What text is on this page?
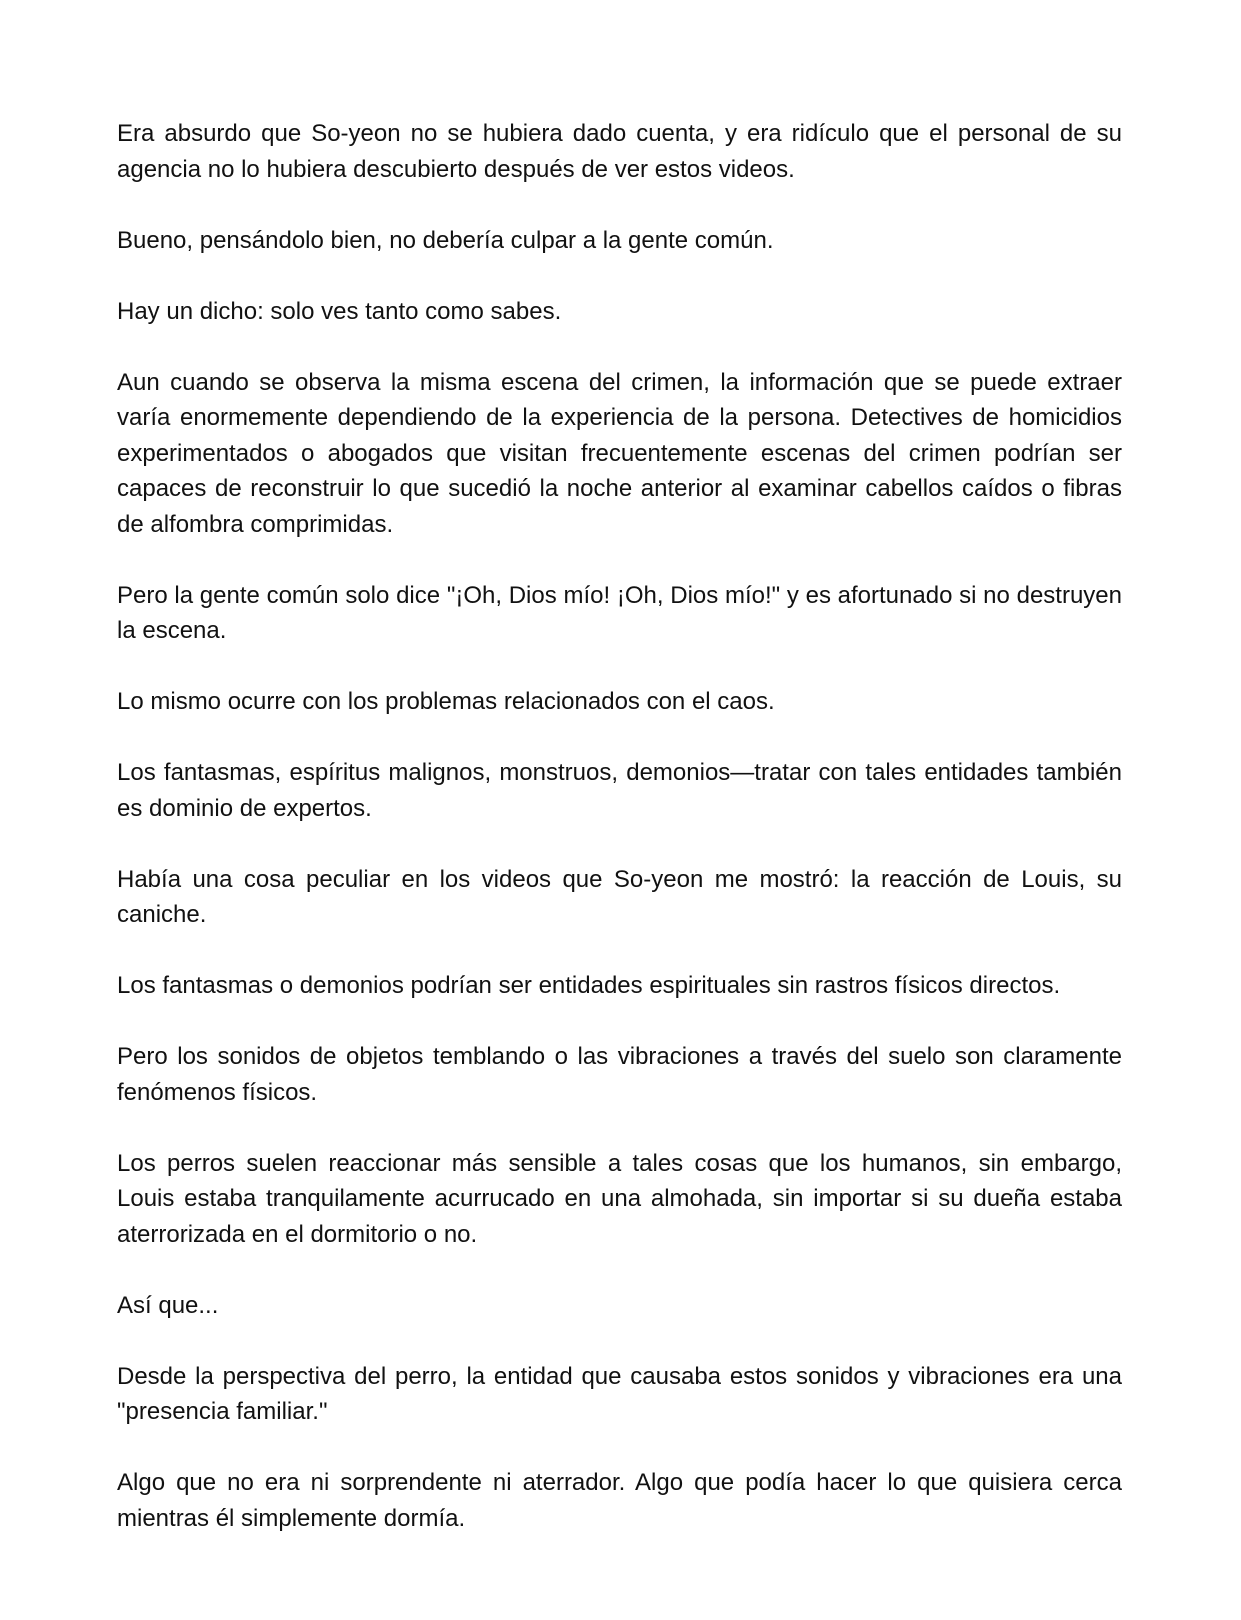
Era absurdo que So-yeon no se hubiera dado cuenta, y era ridículo que el personal de su agencia no lo hubiera descubierto después de ver estos videos.

Bueno, pensándolo bien, no debería culpar a la gente común.

Hay un dicho: solo ves tanto como sabes.

Aun cuando se observa la misma escena del crimen, la información que se puede extraer varía enormemente dependiendo de la experiencia de la persona. Detectives de homicidios experimentados o abogados que visitan frecuentemente escenas del crimen podrían ser capaces de reconstruir lo que sucedió la noche anterior al examinar cabellos caídos o fibras de alfombra comprimidas.

Pero la gente común solo dice "¡Oh, Dios mío! ¡Oh, Dios mío!" y es afortunado si no destruyen la escena.

Lo mismo ocurre con los problemas relacionados con el caos.

Los fantasmas, espíritus malignos, monstruos, demonios—tratar con tales entidades también es dominio de expertos.

Había una cosa peculiar en los videos que So-yeon me mostró: la reacción de Louis, su caniche.

Los fantasmas o demonios podrían ser entidades espirituales sin rastros físicos directos.

Pero los sonidos de objetos temblando o las vibraciones a través del suelo son claramente fenómenos físicos.

Los perros suelen reaccionar más sensible a tales cosas que los humanos, sin embargo, Louis estaba tranquilamente acurrucado en una almohada, sin importar si su dueña estaba aterrorizada en el dormitorio o no.

Así que...

Desde la perspectiva del perro, la entidad que causaba estos sonidos y vibraciones era una "presencia familiar."

Algo que no era ni sorprendente ni aterrador. Algo que podía hacer lo que quisiera cerca mientras él simplemente dormía.
